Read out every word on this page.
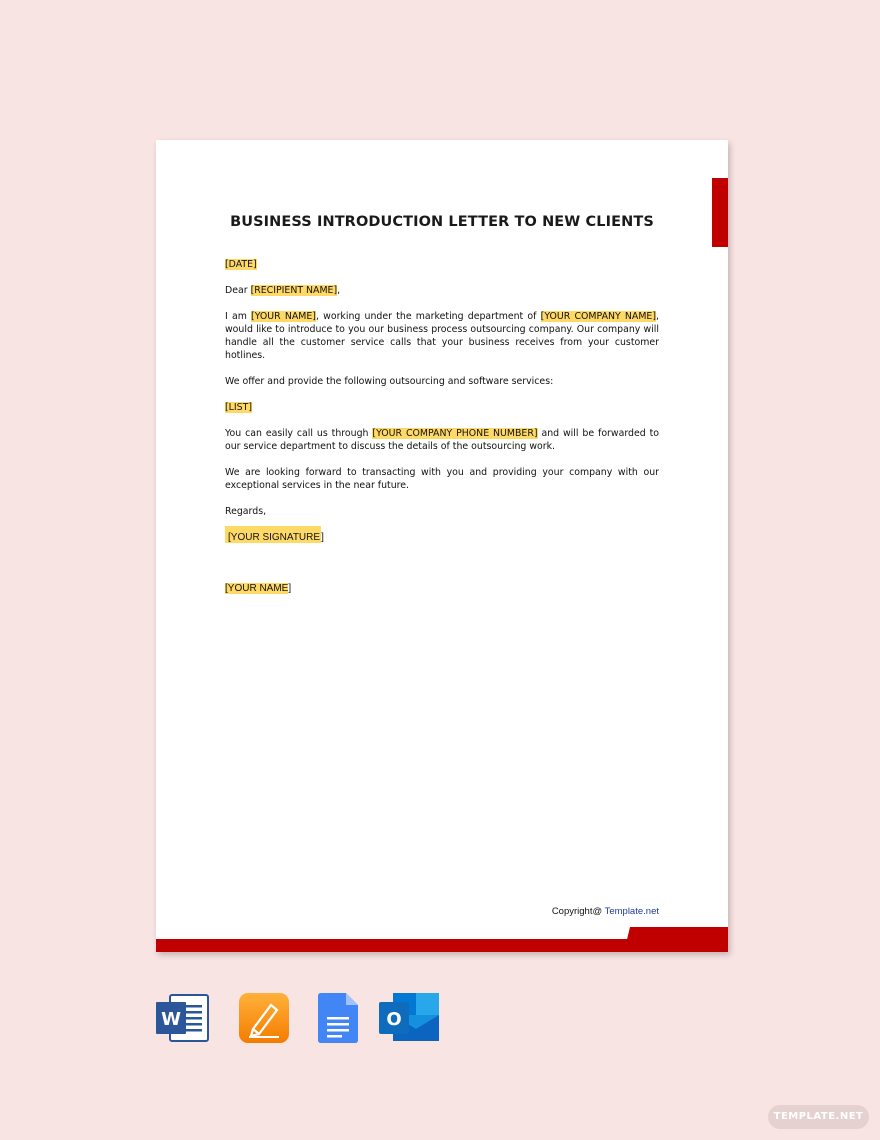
BUSINESS INTRODUCTION LETTER TO NEW CLIENTS

[DATE]

Dear [RECIPIENT NAME],

I am [YOUR NAME], working under the marketing department of [YOUR COMPANY NAME], would like to introduce to you our business process outsourcing company. Our company will handle all the customer service calls that your business receives from your customer hotlines.

We offer and provide the following outsourcing and software services:

[LIST]

You can easily call us through [YOUR COMPANY PHONE NUMBER] and will be forwarded to our service department to discuss the details of the outsourcing work.

We are looking forward to transacting with you and providing your company with our exceptional services in the near future.

Regards,

[YOUR SIGNATURE]
[YOUR NAME]
Copyright@ Template.net
W	O
TEMPLATE.NET
